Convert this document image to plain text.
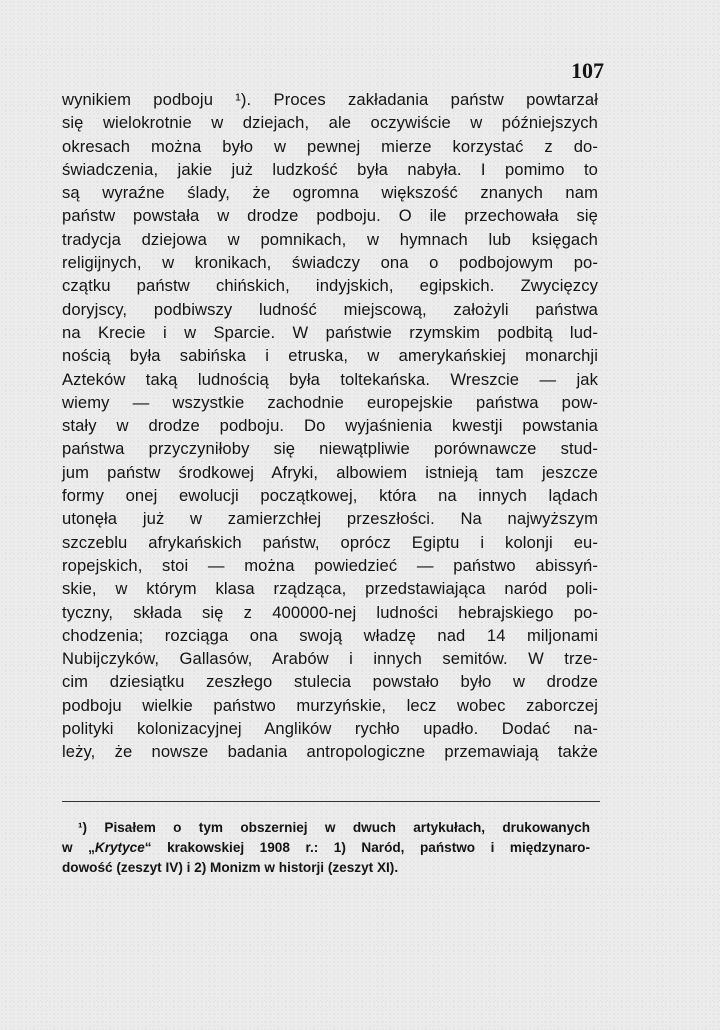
107
wynikiem podboju ¹). Proces zakładania państw powtarzał
się wielokrotnie w dziejach, ale oczywiście w późniejszych
okresach można było w pewnej mierze korzystać z do-
świadczenia, jakie już ludzkość była nabyła. I pomimo to
są wyraźne ślady, że ogromna większość znanych nam
państw powstała w drodze podboju. O ile przechowała się
tradycja dziejowa w pomnikach, w hymnach lub księgach
religijnych, w kronikach, świadczy ona o podbojowym po-
czątku państw chińskich, indyjskich, egipskich. Zwycięzcy
doryjscy, podbiwszy ludność miejscową, założyli państwa
na Krecie i w Sparcie. W państwie rzymskim podbitą lud-
nością była sabińska i etruska, w amerykańskiej monarchji
Azteków taką ludnością była toltekańska. Wreszcie — jak
wiemy — wszystkie zachodnie europejskie państwa pow-
stały w drodze podboju. Do wyjaśnienia kwestji powstania
państwa przyczyniłoby się niewątpliwie porównawcze stud-
jum państw środkowej Afryki, albowiem istnieją tam jeszcze
formy onej ewolucji początkowej, która na innych lądach
utonęła już w zamierzchłej przeszłości. Na najwyższym
szczeblu afrykańskich państw, oprócz Egiptu i kolonji eu-
ropejskich, stoi — można powiedzieć — państwo abissyń-
skie, w którym klasa rządząca, przedstawiająca naród poli-
tyczny, składa się z 400000-nej ludności hebrajskiego po-
chodzenia; rozciąga ona swoją władzę nad 14 miljonami
Nubijczyków, Gallasów, Arabów i innych semitów. W trze-
cim dziesiątku zeszłego stulecia powstało było w drodze
podboju wielkie państwo murzyńskie, lecz wobec zaborczej
polityki kolonizacyjnej Anglików rychło upadło. Dodać na-
leży, że nowsze badania antropologiczne przemawiają także
¹) Pisałem o tym obszerniej w dwuch artykułach, drukowanych
w „Krytyce“ krakowskiej 1908 r.: 1) Naród, państwo i międzynaro-
dowość (zeszyt IV) i 2) Monizm w historji (zeszyt XI).
